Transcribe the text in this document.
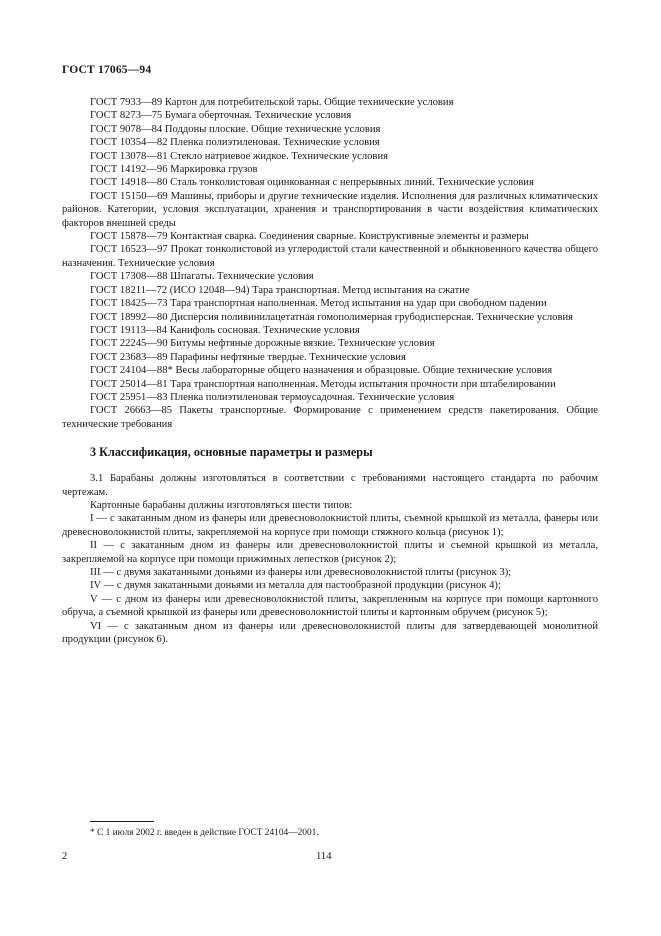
ГОСТ 17065—94

ГОСТ 7933—89 Картон для потребительской тары. Общие технические условия

ГОСТ 8273—75 Бумага оберточная. Технические условия

ГОСТ 9078—84 Поддоны плоские. Общие технические условия

ГОСТ 10354—82 Пленка полиэтиленовая. Технические условия

ГОСТ 13078—81 Стекло натриевое жидкое. Технические условия

ГОСТ 14192—96 Маркировка грузов

ГОСТ 14918—80 Сталь тонколистовая оцинкованная с непрерывных линий. Технические условия

ГОСТ 15150—69 Машины, приборы и другие технические изделия. Исполнения для различных климатических районов. Категории, условия эксплуатации, хранения и транспортирования в части воздействия климатических факторов внешней среды

ГОСТ 15878—79 Контактная сварка. Соединения сварные. Конструктивные элементы и размеры

ГОСТ 16523—97 Прокат тонколистовой из углеродистой стали качественной и обыкновенного качества общего назначения. Технические условия

ГОСТ 17308—88 Шпагаты. Технические условия

ГОСТ 18211—72 (ИСО 12048—94) Тара транспортная. Метод испытания на сжатие

ГОСТ 18425—73 Тара транспортная наполненная. Метод испытания на удар при свободном падении

ГОСТ 18992—80 Дисперсия поливинилацетатная гомополимерная грубодисперсная. Технические условия

ГОСТ 19113—84 Канифоль сосновая. Технические условия

ГОСТ 22245—90 Битумы нефтяные дорожные вязкие. Технические условия

ГОСТ 23683—89 Парафины нефтяные твердые. Технические условия

ГОСТ 24104—88* Весы лабораторные общего назначения и образцовые. Общие технические условия

ГОСТ 25014—81 Тара транспортная наполненная. Методы испытания прочности при штабелировании

ГОСТ 25951—83 Пленка полиэтиленовая термоусадочная. Технические условия

ГОСТ 26663—85 Пакеты транспортные. Формирование с применением средств пакетирования. Общие технические требования

3 Классификация, основные параметры и размеры

3.1 Барабаны должны изготовляться в соответствии с требованиями настоящего стандарта по рабочим чертежам.

Картонные барабаны должны изготовляться шести типов:

I — с закатанным дном из фанеры или древесноволокнистой плиты, съемной крышкой из металла, фанеры или древесноволокнистой плиты, закрепляемой на корпусе при помощи стяжного кольца (рисунок 1);

II — с закатанным дном из фанеры или древесноволокнистой плиты и съемной крышкой из металла, закрепляемой на корпусе при помощи прижимных лепестков (рисунок 2);

III — с двумя закатанными доньями из фанеры или древесноволокнистой плиты (рисунок 3);

IV — с двумя закатанными доньями из металла для пастообразной продукции (рисунок 4);

V — с дном из фанеры или древесноволокнистой плиты, закрепленным на корпусе при помощи картонного обруча, а съемной крышкой из фанеры или древесноволокнистой плиты и картонным обручем (рисунок 5);

VI — с закатанным дном из фанеры или древесноволокнистой плиты для затвердевающей монолитной продукции (рисунок 6).

* С 1 июля 2002 г. введен в действие ГОСТ 24104—2001.
2	114
